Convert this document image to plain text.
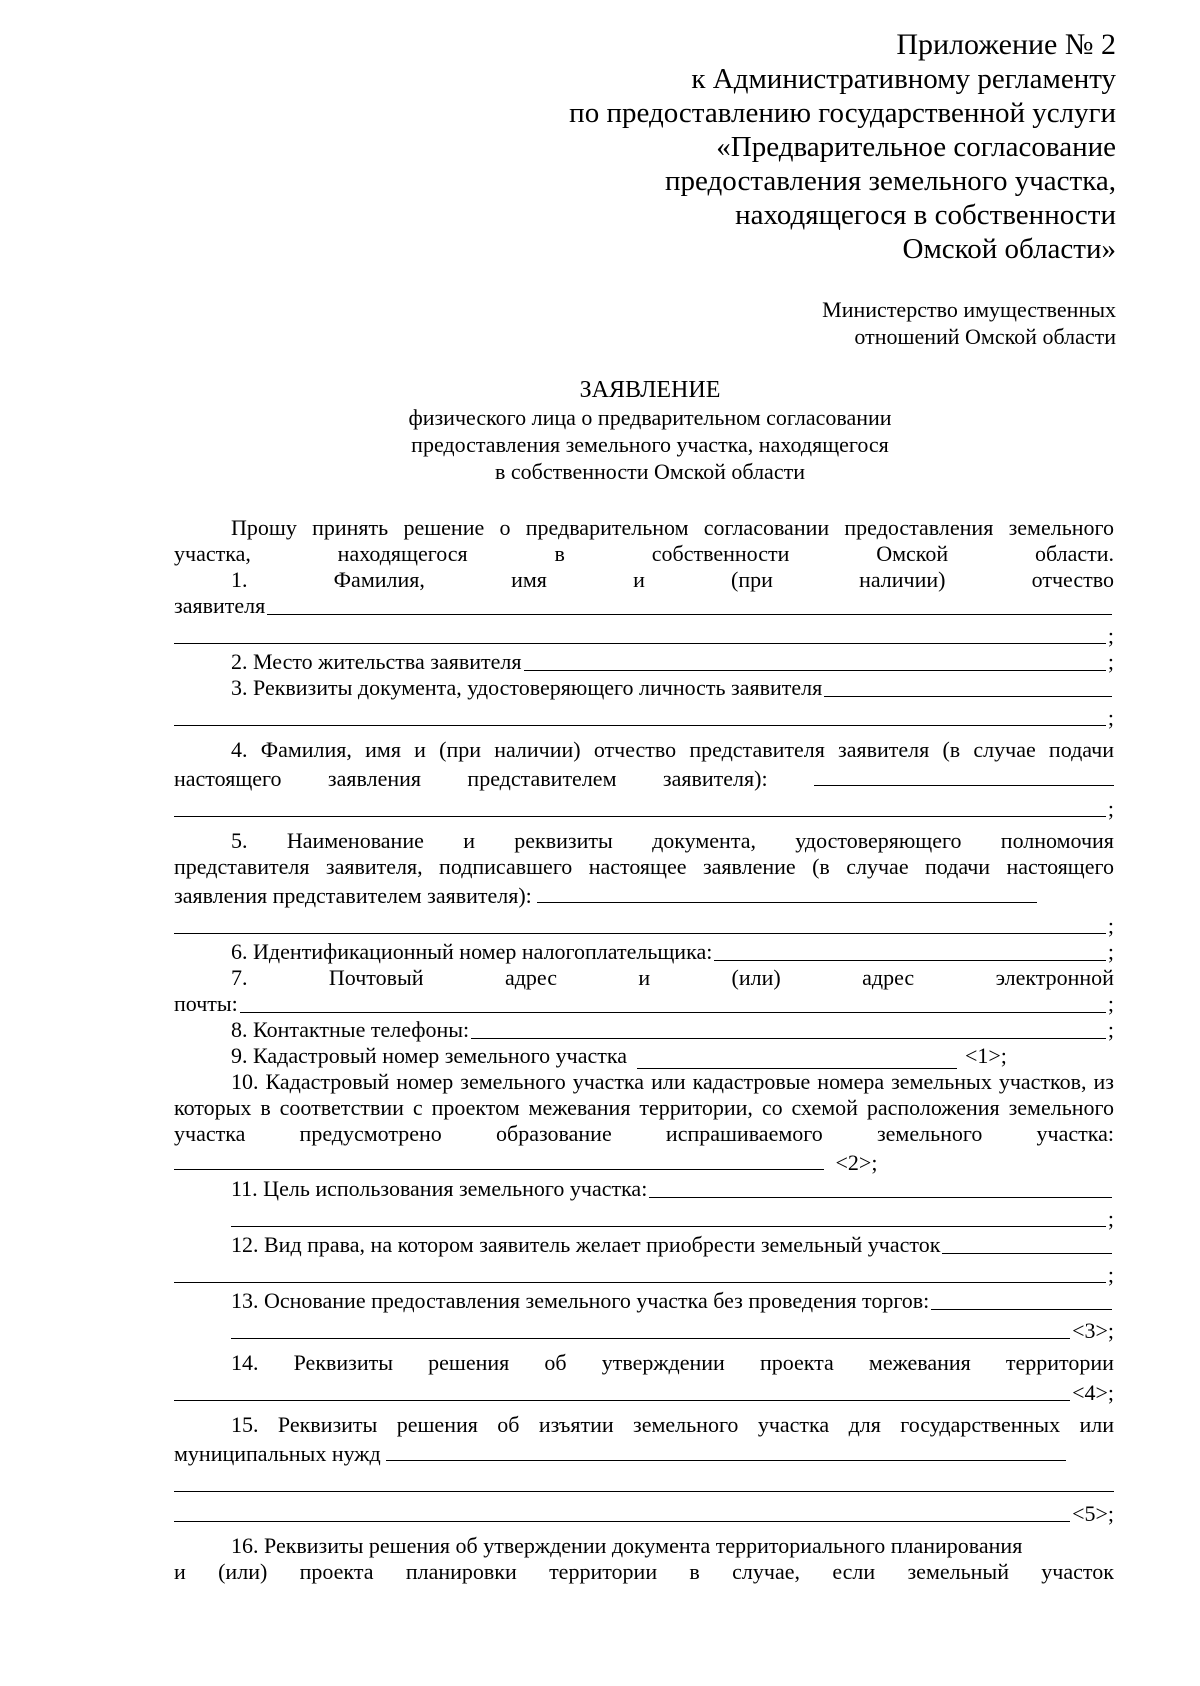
Приложение № 2
к Административному регламенту
по предоставлению государственной услуги
«Предварительное согласование
предоставления земельного участка,
находящегося в собственности
Омской области»
Министерство имущественных
отношений Омской области
ЗАЯВЛЕНИЕ
физического лица о предварительном согласовании
предоставления земельного участка, находящегося
в собственности Омской области
Прошу принять решение о предварительном согласовании предоставления земельного участка, находящегося в собственности Омской области.
1.	Фамилия,	имя	и	(при	наличии)	отчество
заявителя
;
2. Место жительства заявителя	;
3. Реквизиты документа, удостоверяющего личность заявителя
;
4. Фамилия, имя и (при наличии) отчество представителя заявителя (в случае подачи настоящего заявления представителем заявителя):
;
5. Наименование и реквизиты документа, удостоверяющего полномочия
представителя заявителя, подписавшего настоящее заявление (в случае подачи настоящего заявления представителем заявителя):
;
6. Идентификационный номер налогоплательщика:	;
7.	Почтовый	адрес	и	(или)	адрес	электронной
почты:	;
8. Контактные телефоны:	;
9. Кадастровый номер земельного участка	<1>;
10. Кадастровый номер земельного участка или кадастровые номера земельных участков, из которых в соответствии с проектом межевания территории, со схемой расположения земельного участка предусмотрено образование испрашиваемого земельного участка:  <2>;
11. Цель использования земельного участка:
;
12. Вид права, на котором заявитель желает приобрести земельный участок
;
13. Основание предоставления земельного участка без проведения торгов:
<3>;
14. Реквизиты решения об утверждении проекта межевания территории
<4>;
15. Реквизиты решения об изъятии земельного участка для государственных или муниципальных нужд
<5>;
16. Реквизиты решения об утверждении документа территориального планирования
и (или) проекта планировки территории в случае, если земельный участок
